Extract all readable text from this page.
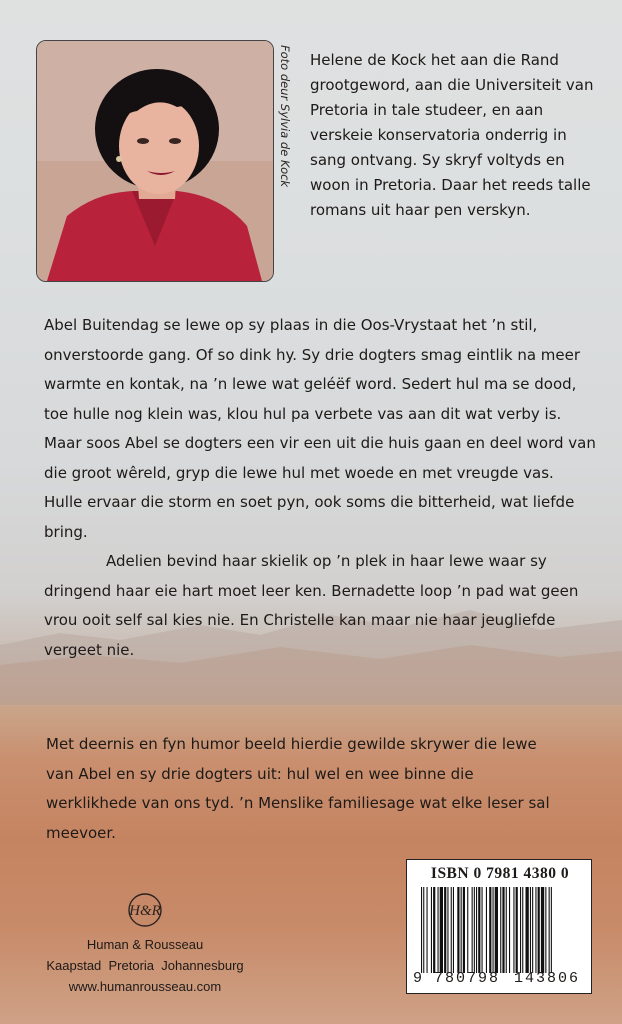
Foto deur Sylvia de Kock Helene de Kock het aan die Rand grootgeword, aan die Universiteit van Pretoria in tale studeer, en aan verskeie konservatoria onderrig in sang ontvang. Sy skryf voltyds en woon in Pretoria. Daar het reeds talle romans uit haar pen verskyn.

Abel Buitendag se lewe op sy plaas in die Oos-Vrystaat het ’n stil, onverstoorde gang. Of so dink hy. Sy drie dogters smag eintlik na meer warmte en kontak, na ’n lewe wat geléëf word. Sedert hul ma se dood, toe hulle nog klein was, klou hul pa verbete vas aan dit wat verby is. Maar soos Abel se dogters een vir een uit die huis gaan en deel word van die groot wêreld, gryp die lewe hul met woede en met vreugde vas. Hulle ervaar die storm en soet pyn, ook soms die bitterheid, wat liefde bring.

Adelien bevind haar skielik op ’n plek in haar lewe waar sy dringend haar eie hart moet leer ken. Bernadette loop ’n pad wat geen vrou ooit self sal kies nie. En Christelle kan maar nie haar jeugliefde vergeet nie.

Met deernis en fyn humor beeld hierdie gewilde skrywer die lewe van Abel en sy drie dogters uit: hul wel en wee binne die werklikhede van ons tyd. ’n Menslike familiesage wat elke leser sal meevoer.

H&R
Human & Rousseau
Kaapstad  Pretoria  Johannesburg
www.humanrousseau.com
ISBN 0 7981 4380 0
9 780798 143806
